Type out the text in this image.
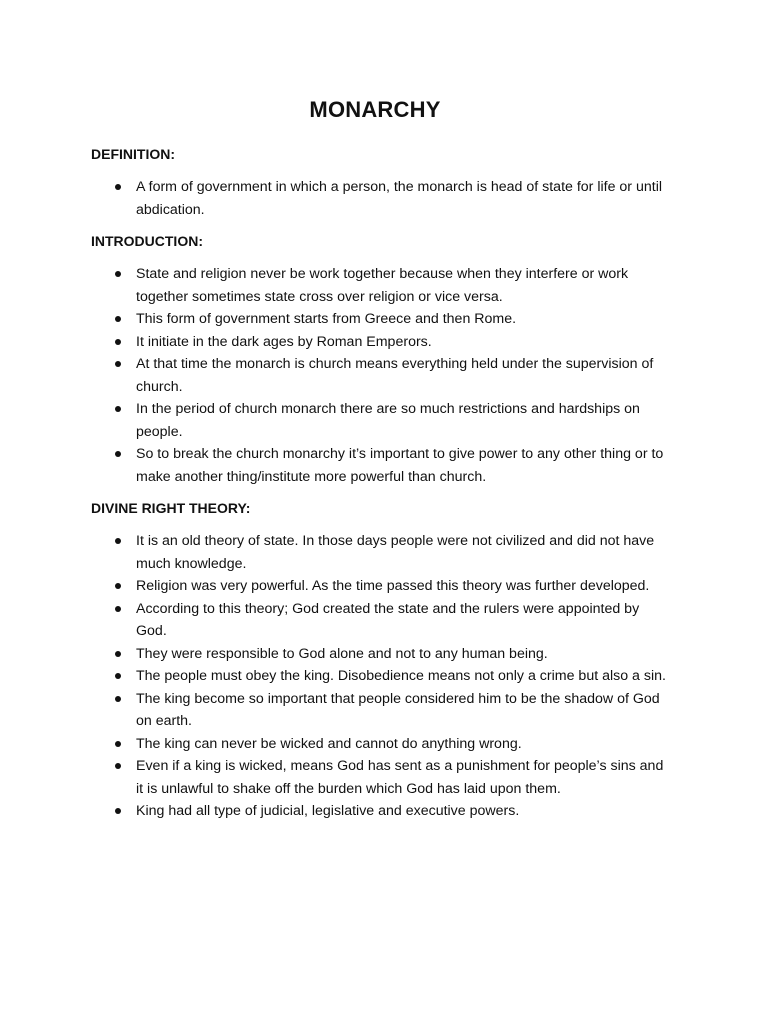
MONARCHY
DEFINITION:
A form of government in which a person, the monarch is head of state for life or until abdication.
INTRODUCTION:
State and religion never be work together because when they interfere or work together sometimes state cross over religion or vice versa.
This form of government starts from Greece and then Rome.
It initiate in the dark ages by Roman Emperors.
At that time the monarch is church means everything held under the supervision of church.
In the period of church monarch there are so much restrictions and hardships on people.
So to break the church monarchy it’s important to give power to any other thing or to make another thing/institute more powerful than church.
DIVINE RIGHT THEORY:
It is an old theory of state. In those days people were not civilized and did not have much knowledge.
Religion was very powerful. As the time passed this theory was further developed.
According to this theory; God created the state and the rulers were appointed by God.
They were responsible to God alone and not to any human being.
The people must obey the king. Disobedience means not only a crime but also a sin.
The king become so important that people considered him to be the shadow of God on earth.
The king can never be wicked and cannot do anything wrong.
Even if a king is wicked, means God has sent as a punishment for people’s sins and it is unlawful to shake off the burden which God has laid upon them.
King had all type of judicial, legislative and executive powers.
